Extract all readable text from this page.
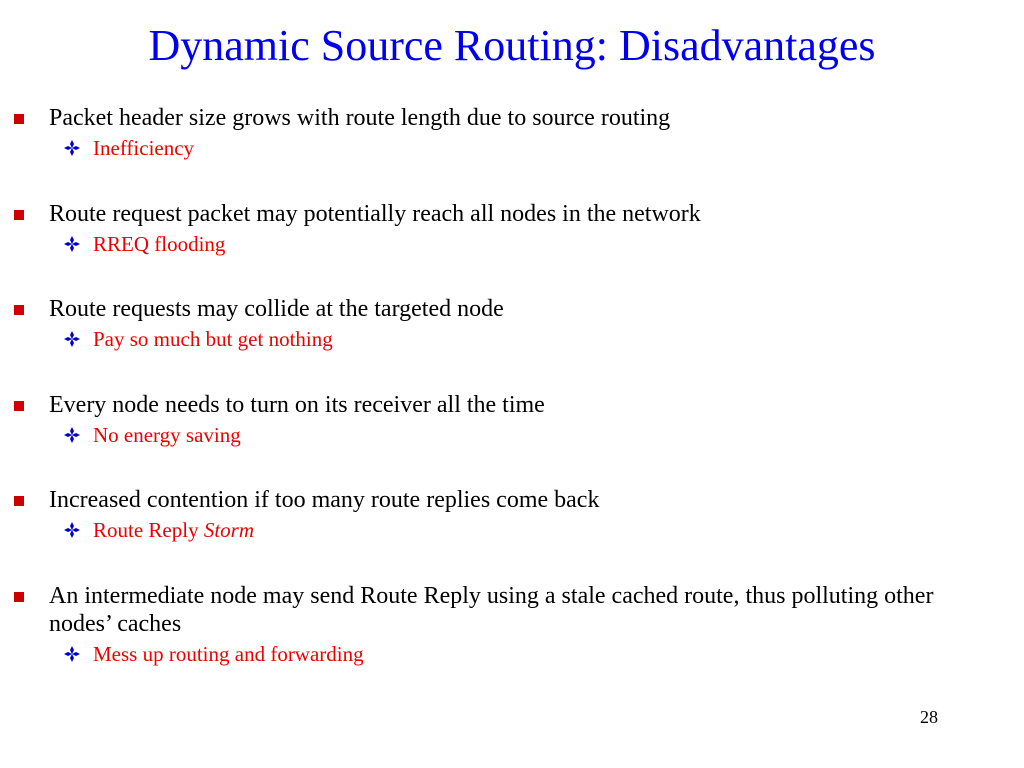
Dynamic Source Routing: Disadvantages
Packet header size grows with route length due to source routing
Inefficiency
Route request packet may potentially reach all nodes in the network
RREQ flooding
Route requests may collide at the targeted node
Pay so much but get nothing
Every node needs to turn on its receiver all the time
No energy saving
Increased contention if too many route replies come back
Route Reply Storm
An intermediate node may send Route Reply using a stale cached route, thus polluting other nodes’ caches
Mess up routing and forwarding
28
